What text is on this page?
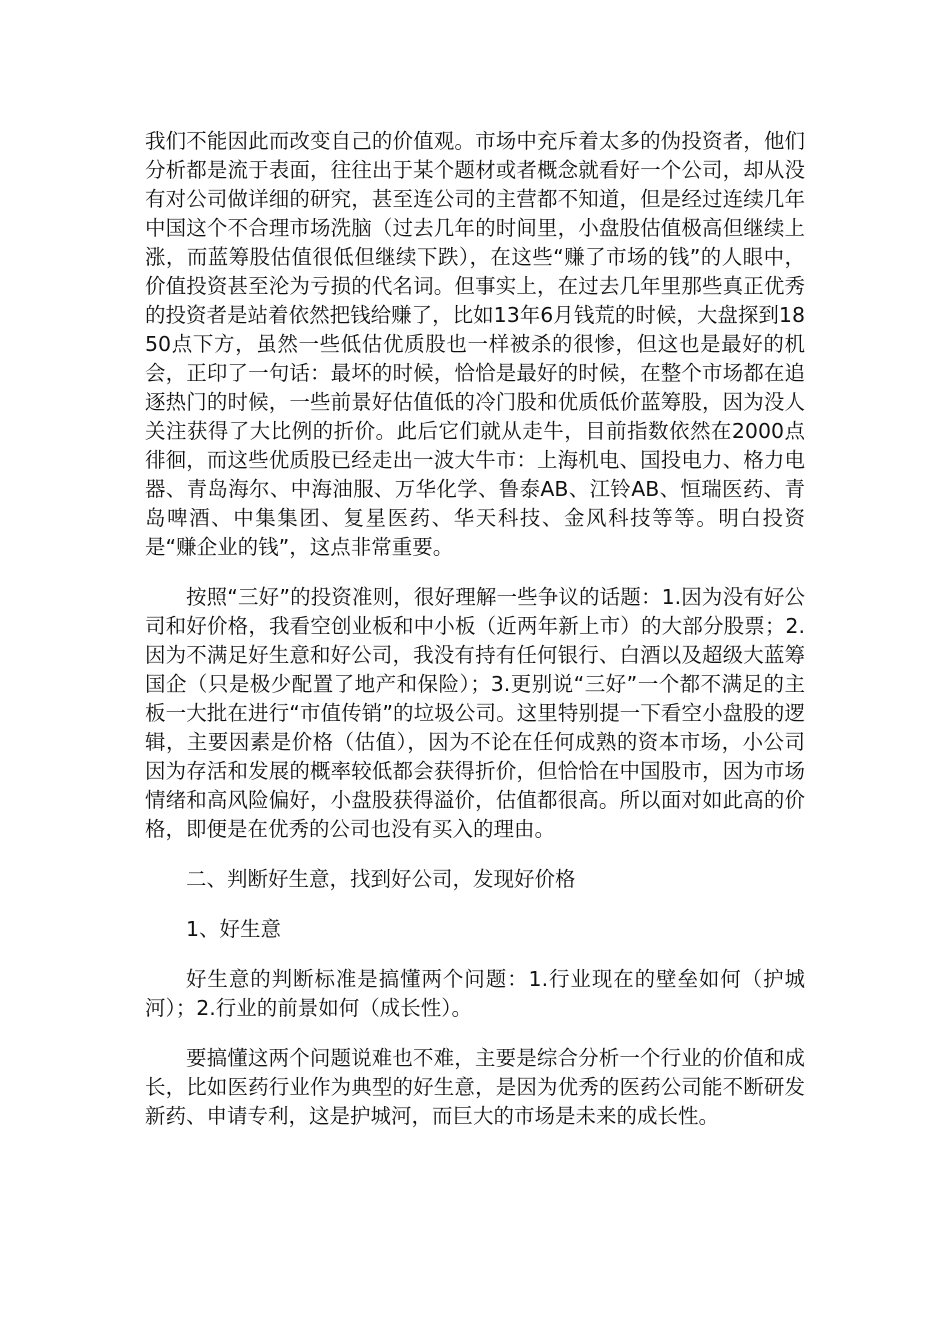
我们不能因此而改变自己的价值观。市场中充斥着太多的伪投资者，他们分析都是流于表面，往往出于某个题材或者概念就看好一个公司，却从没有对公司做详细的研究，甚至连公司的主营都不知道，但是经过连续几年中国这个不合理市场洗脑（过去几年的时间里，小盘股估值极高但继续上涨，而蓝筹股估值很低但继续下跌），在这些“赚了市场的钱”的人眼中，价值投资甚至沦为亏损的代名词。但事实上，在过去几年里那些真正优秀的投资者是站着依然把钱给赚了，比如13年6月钱荒的时候，大盘探到1850点下方，虽然一些低估优质股也一样被杀的很惨，但这也是最好的机会，正印了一句话：最坏的时候，恰恰是最好的时候，在整个市场都在追逐热门的时候，一些前景好估值低的冷门股和优质低价蓝筹股，因为没人关注获得了大比例的折价。此后它们就从走牛，目前指数依然在2000点徘徊，而这些优质股已经走出一波大牛市：上海机电、国投电力、格力电器、青岛海尔、中海油服、万华化学、鲁泰AB、江铃AB、恒瑞医药、青岛啤酒、中集集团、复星医药、华天科技、金风科技等等。明白投资是“赚企业的钱”，这点非常重要。

按照“三好”的投资准则，很好理解一些争议的话题：1.因为没有好公司和好价格，我看空创业板和中小板（近两年新上市）的大部分股票；2.因为不满足好生意和好公司，我没有持有任何银行、白酒以及超级大蓝筹国企（只是极少配置了地产和保险）；3.更别说“三好”一个都不满足的主板一大批在进行“市值传销”的垃圾公司。这里特别提一下看空小盘股的逻辑，主要因素是价格（估值），因为不论在任何成熟的资本市场，小公司因为存活和发展的概率较低都会获得折价，但恰恰在中国股市，因为市场情绪和高风险偏好，小盘股获得溢价，估值都很高。所以面对如此高的价格，即便是在优秀的公司也没有买入的理由。

二、判断好生意，找到好公司，发现好价格

1、好生意

好生意的判断标准是搞懂两个问题：1.行业现在的壁垒如何（护城河）；2.行业的前景如何（成长性）。

要搞懂这两个问题说难也不难，主要是综合分析一个行业的价值和成长，比如医药行业作为典型的好生意，是因为优秀的医药公司能不断研发新药、申请专利，这是护城河，而巨大的市场是未来的成长性。
